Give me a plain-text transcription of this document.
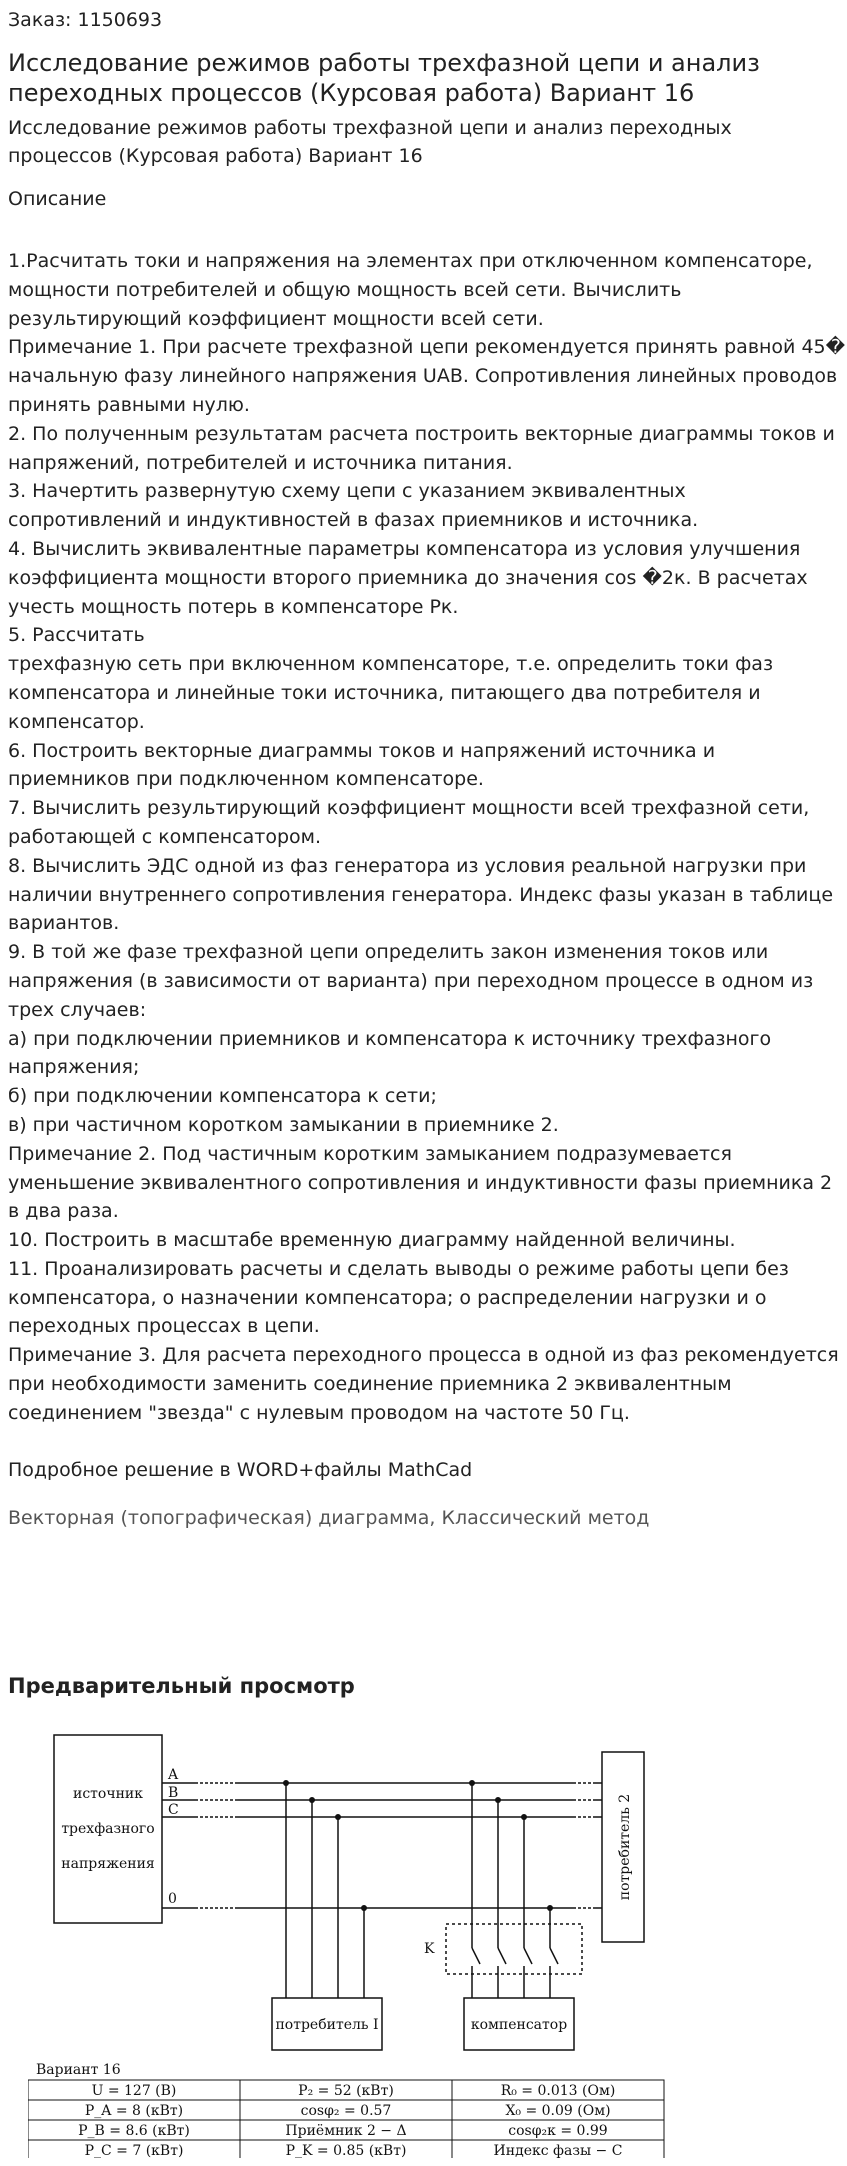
Заказ: 1150693
Исследование режимов работы трехфазной цепи и анализ
переходных процессов (Курсовая работа) Вариант 16
Исследование режимов работы трехфазной цепи и анализ переходных
процессов (Курсовая работа) Вариант 16
Описание
1.Расчитать токи и напряжения на элементах при отключенном компенсаторе,
мощности потребителей и общую мощность всей сети. Вычислить
результирующий коэффициент мощности всей сети.
Примечание 1. При расчете трехфазной цепи рекомендуется принять равной 45�
начальную фазу линейного напряжения UAB. Сопротивления линейных проводов
принять равными нулю.
2. По полученным результатам расчета построить векторные диаграммы токов и
напряжений, потребителей и источника питания.
3. Начертить развернутую схему цепи с указанием эквивалентных
сопротивлений и индуктивностей в фазах приемников и источника.
4. Вычислить эквивалентные параметры компенсатора из условия улучшения
коэффициента мощности второго приемника до значения cos �2к. В расчетах
учесть мощность потерь в компенсаторе Рк.
5. Рассчитать
трехфазную сеть при включенном компенсаторе, т.е. определить токи фаз
компенсатора и линейные токи источника, питающего два потребителя и
компенсатор.
6. Построить векторные диаграммы токов и напряжений источника и
приемников при подключенном компенсаторе.
7. Вычислить результирующий коэффициент мощности всей трехфазной сети,
работающей с компенсатором.
8. Вычислить ЭДС одной из фаз генератора из условия реальной нагрузки при
наличии внутреннего сопротивления генератора. Индекс фазы указан в таблице
вариантов.
9. В той же фазе трехфазной цепи определить закон изменения токов или
напряжения (в зависимости от варианта) при переходном процессе в одном из
трех случаев:
а) при подключении приемников и компенсатора к источнику трехфазного
напряжения;
б) при подключении компенсатора к сети;
в) при частичном коротком замыкании в приемнике 2.
Примечание 2. Под частичным коротким замыканием подразумевается
уменьшение эквивалентного сопротивления и индуктивности фазы приемника 2
в два раза.
10. Построить в масштабе временную диаграмму найденной величины.
11. Проанализировать расчеты и сделать выводы о режиме работы цепи без
компенсатора, о назначении компенсатора; о распределении нагрузки и о
переходных процессах в цепи.
Примечание 3. Для расчета переходного процесса в одной из фаз рекомендуется
при необходимости заменить соединение приемника 2 эквивалентным
соединением "звезда" с нулевым проводом на частоте 50 Гц.
Подробное решение в WORD+файлы MathCad
Векторная (топографическая) диаграмма, Классический метод
Предварительный просмотр
источник
трехфазного
напряжения
A
B
C
0	потребитель 2
потребитель I	компенсатор
K
Вариант 16
U = 127 (B)	P₂ = 52 (кВт)	R₀ = 0.013 (Ом)
P_A = 8 (кВт)	cosφ₂ = 0.57	X₀ = 0.09 (Ом)
P_B = 8.6 (кВт)	Приёмник 2 − Δ	cosφ₂к = 0.99
P_C = 7 (кВт)	P_K = 0.85 (кВт)	Индекс фазы − C
